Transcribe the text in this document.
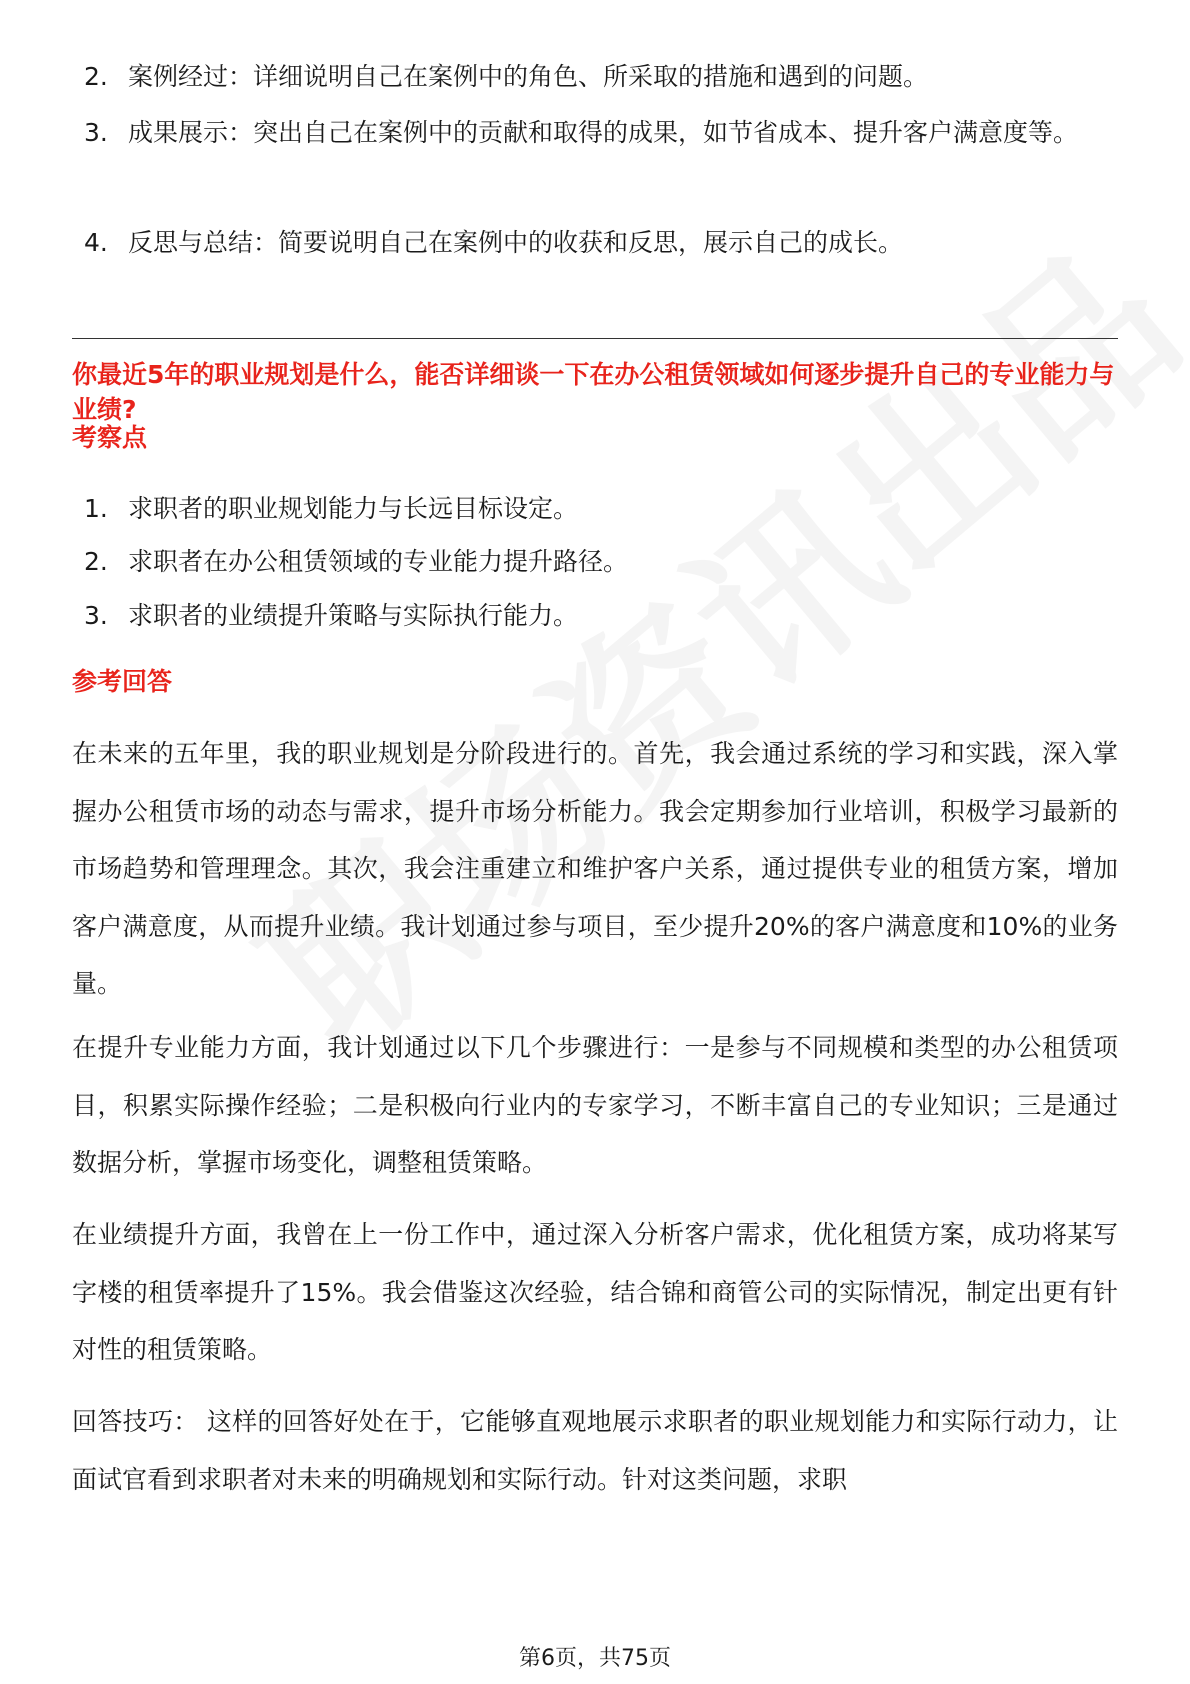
2. 案例经过：详细说明自己在案例中的角色、所采取的措施和遇到的问题。
3. 成果展示：突出自己在案例中的贡献和取得的成果，如节省成本、提升客户满意度等。
4. 反思与总结：简要说明自己在案例中的收获和反思，展示自己的成长。
你最近5年的职业规划是什么，能否详细谈一下在办公租赁领域如何逐步提升自己的专业能力与业绩?
考察点
1. 求职者的职业规划能力与长远目标设定。
2. 求职者在办公租赁领域的专业能力提升路径。
3. 求职者的业绩提升策略与实际执行能力。
参考回答
在未来的五年里，我的职业规划是分阶段进行的。首先，我会通过系统的学习和实践，深入掌握办公租赁市场的动态与需求，提升市场分析能力。我会定期参加行业培训，积极学习最新的市场趋势和管理理念。其次，我会注重建立和维护客户关系，通过提供专业的租赁方案，增加客户满意度，从而提升业绩。我计划通过参与项目，至少提升20%的客户满意度和10%的业务量。
在提升专业能力方面，我计划通过以下几个步骤进行：一是参与不同规模和类型的办公租赁项目，积累实际操作经验；二是积极向行业内的专家学习，不断丰富自己的专业知识；三是通过数据分析，掌握市场变化，调整租赁策略。
在业绩提升方面，我曾在上一份工作中，通过深入分析客户需求，优化租赁方案，成功将某写字楼的租赁率提升了15%。我会借鉴这次经验，结合锦和商管公司的实际情况，制定出更有针对性的租赁策略。
回答技巧： 这样的回答好处在于，它能够直观地展示求职者的职业规划能力和实际行动力，让面试官看到求职者对未来的明确规划和实际行动。针对这类问题，求职
第6页，共75页
